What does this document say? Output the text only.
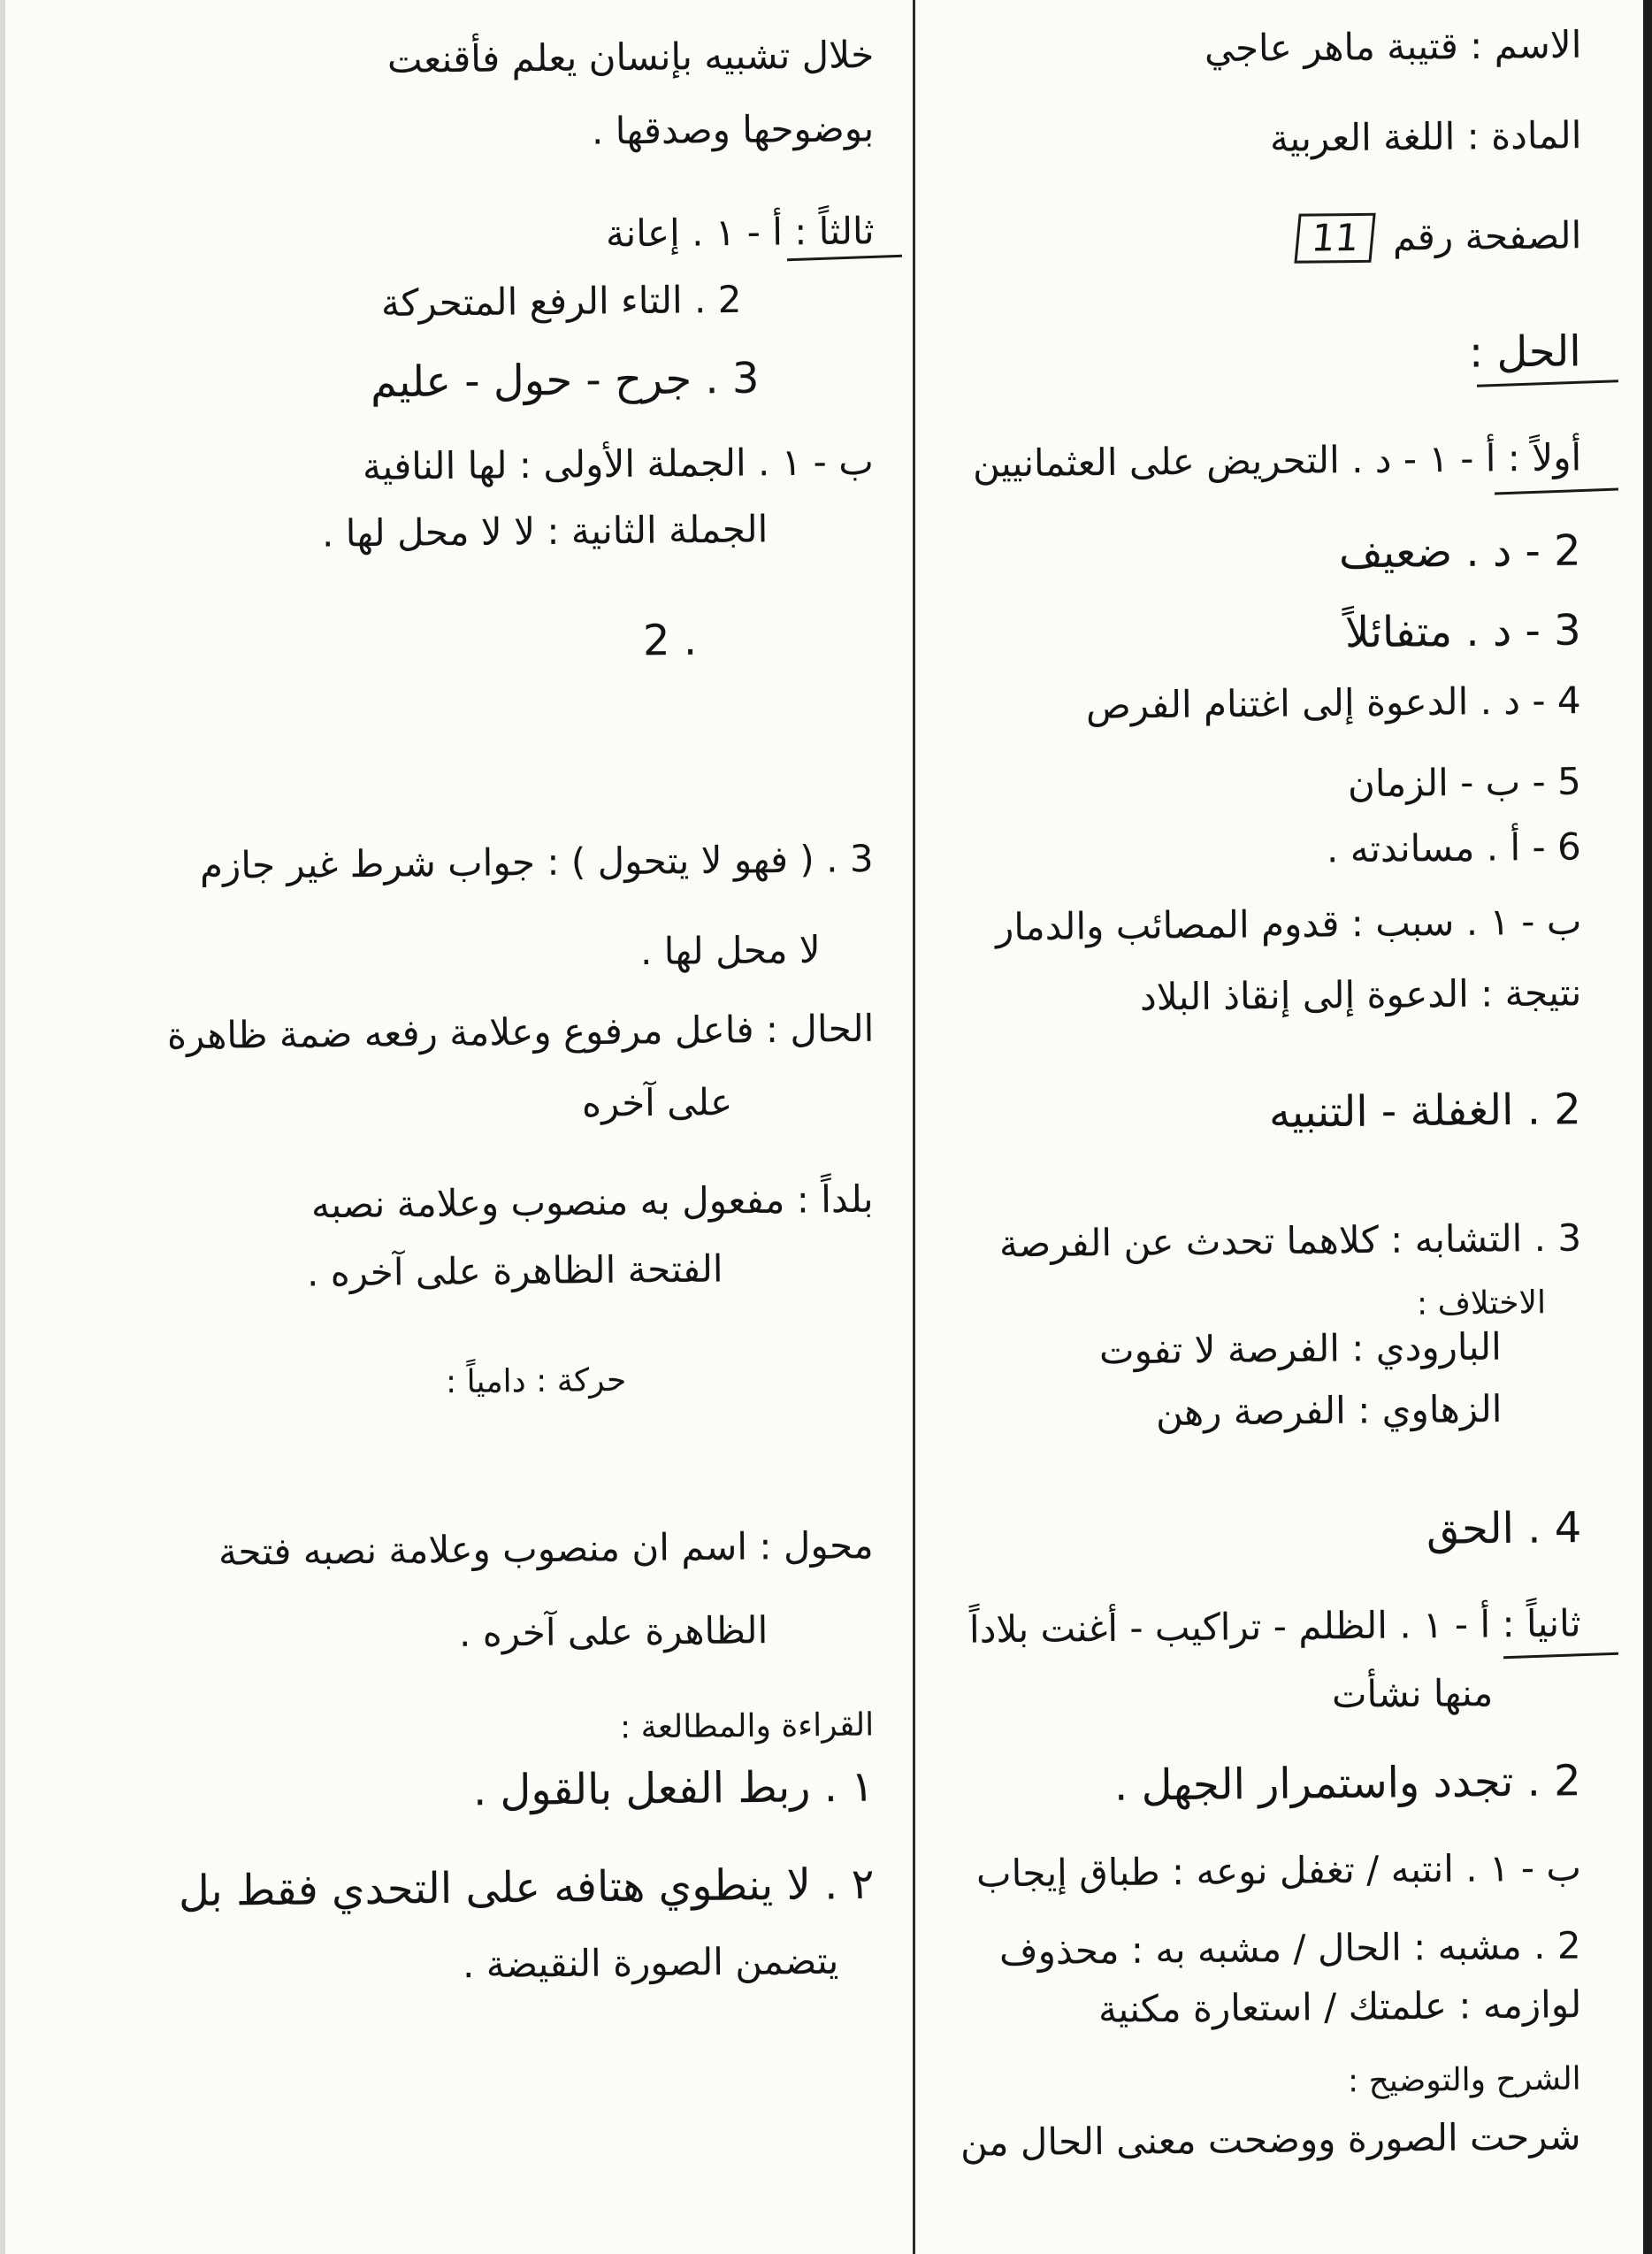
الاسم : قتيبة ماهر عاجي
المادة : اللغة العربية
الصفحة رقم 11
الحل :
أولاً : أ - ١ - د . التحريض على العثمانيين
2 - د . ضعيف
3 - د . متفائلاً
4 - د . الدعوة إلى اغتنام الفرص
5 - ب - الزمان
6 - أ . مساندته .
ب - ١ . سبب : قدوم المصائب والدمار
نتيجة : الدعوة إلى إنقاذ البلاد
2 . الغفلة - التنبيه
3 . التشابه : كلاهما تحدث عن الفرصة
الاختلاف :
البارودي : الفرصة لا تفوت
الزهاوي : الفرصة رهن
4 . الحق
ثانياً : أ - ١ . الظلم - تراكيب - أغنت بلاداً
منها نشأت
2 . تجدد واستمرار الجهل .
ب - ١ . انتبه / تغفل نوعه : طباق إيجاب
2 . مشبه : الحال / مشبه به : محذوف
لوازمه : علمتك / استعارة مكنية
الشرح والتوضيح :
شرحت الصورة ووضحت معنى الحال من
خلال تشبيه بإنسان يعلم فأقنعت
بوضوحها وصدقها .
ثالثاً : أ - ١ . إعانة
2 . التاء الرفع المتحركة
3 . جرح - حول - عليم
ب - ١ . الجملة الأولى : لها النافية
الجملة الثانية : لا لا محل لها .
2 .
3 . ( فهو لا يتحول ) : جواب شرط غير جازم
لا محل لها .
الحال : فاعل مرفوع وعلامة رفعه ضمة ظاهرة
على آخره
بلداً : مفعول به منصوب وعلامة نصبه
الفتحة الظاهرة على آخره .
حركة : دامياً :
محول : اسم ان منصوب وعلامة نصبه فتحة
الظاهرة على آخره .
القراءة والمطالعة :
١ . ربط الفعل بالقول .
٢ . لا ينطوي هتافه على التحدي فقط بل
يتضمن الصورة النقيضة .
